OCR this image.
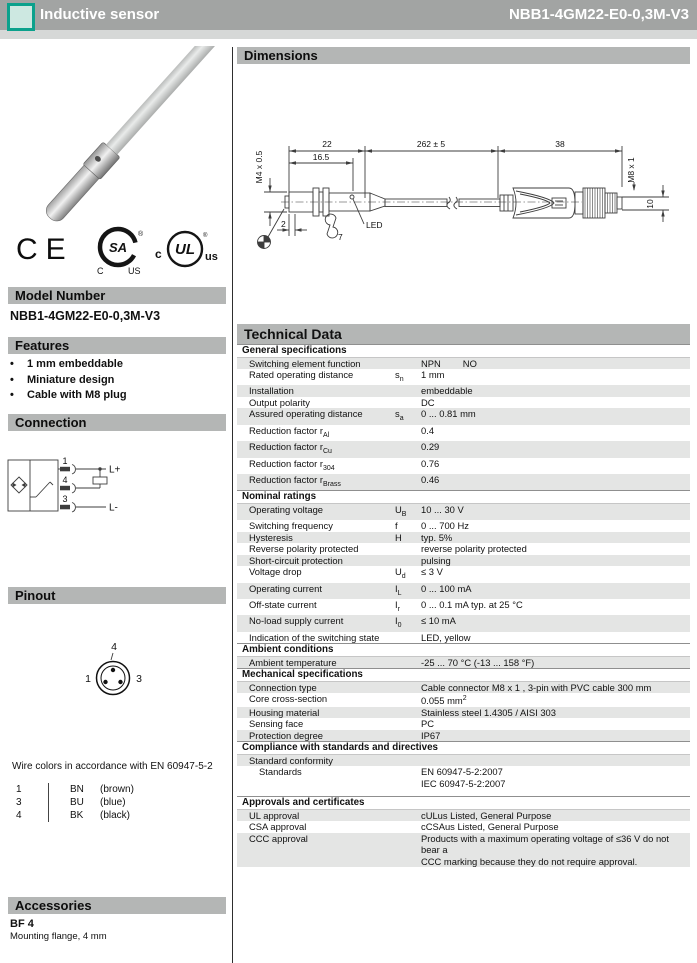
Inductive sensor	NBB1-4GM22-E0-0,3M-V3
CE	SA
®
C	US
c UL
®
us
Model Number
NBB1-4GM22-E0-0,3M-V3
Features
•	1 mm embeddable
•	Miniature design
•	Cable with M8 plug
Connection
1
L+
4
3
L-
Pinout
4
1	3
Wire colors in accordance with EN 60947-5-2
1	BN	(brown)
3	BU	(blue)
4	BK	(black)
Accessories
BF 4
Mounting flange, 4 mm
Dimensions
22	262 ± 5	38
16.5
M4 x 0.5
LED
M8 x 1
10
2
7
Technical Data
General specifications
Switching element function	NPN NO
Rated operating distance	$s_n$	1 mm
Installation	embeddable
Output polarity	DC
Assured operating distance	$s_a$	0 ... 0.81 mm
Reduction factor $r_{Al}$	0.4
Reduction factor $r_{Cu}$	0.29
Reduction factor $r_{304}$	0.76
Reduction factor $r_{Brass}$	0.46
Nominal ratings
Operating voltage	$U_B$	10 ... 30 V
Switching frequency	f	0 ... 700 Hz
Hysteresis	H	typ. 5%
Reverse polarity protected	reverse polarity protected
Short-circuit protection	pulsing
Voltage drop	$U_d$	≤ 3 V
Operating current	$I_L$	0 ... 100 mA
Off-state current	$I_r$	0 ... 0.1 mA typ. at 25 °C
No-load supply current	$I_0$	≤ 10 mA
Indication of the switching state	LED, yellow
Ambient conditions
Ambient temperature	-25 ... 70 °C (-13 ... 158 °F)
Mechanical specifications
Connection type	Cable connector M8 x 1 , 3-pin with PVC cable 300 mm
Core cross-section	0.055 $mm^2$
Housing material	Stainless steel 1.4305 / AISI 303
Sensing face	PC
Protection degree	IP67
Compliance with standards and directives
Standard conformity
Standards	EN 60947-5-2:2007
IEC 60947-5-2:2007
Approvals and certificates
UL approval	cULus Listed, General Purpose
CSA approval	cCSAus Listed, General Purpose
CCC approval	Products with a maximum operating voltage of ≤36 V do not bear a
CCC marking because they do not require approval.
